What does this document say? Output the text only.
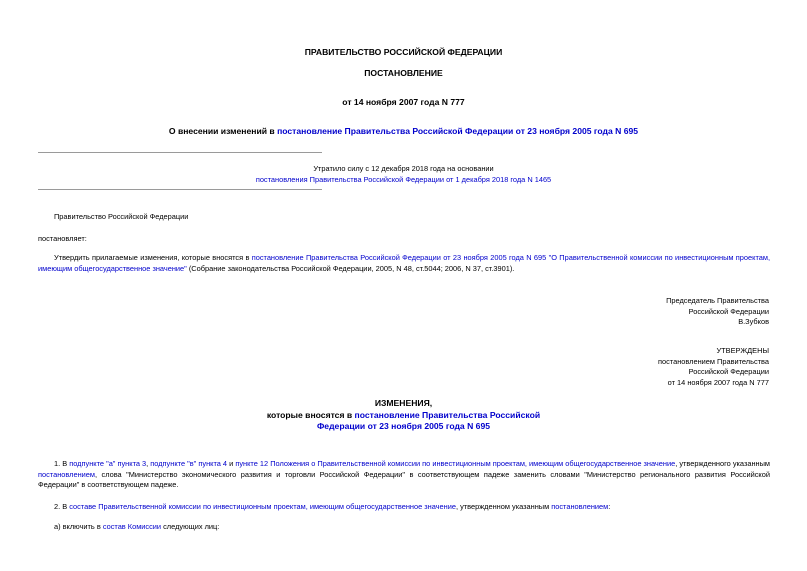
ПРАВИТЕЛЬСТВО РОССИЙСКОЙ ФЕДЕРАЦИИ
ПОСТАНОВЛЕНИЕ
от 14 ноября 2007 года N 777
О внесении изменений в постановление Правительства Российской Федерации от 23 ноября 2005 года N 695
Утратило силу с 12 декабря 2018 года на основании
постановления Правительства Российской Федерации от 1 декабря 2018 года N 1465
Правительство Российской Федерации
постановляет:
Утвердить прилагаемые изменения, которые вносятся в постановление Правительства Российской Федерации от 23 ноября 2005 года N 695 "О Правительственной комиссии по инвестиционным проектам, имеющим общегосударственное значение" (Собрание законодательства Российской Федерации, 2005, N 48, ст.5044; 2006, N 37, ст.3901).
Председатель Правительства
Российской Федерации
В.Зубков
УТВЕРЖДЕНЫ
постановлением Правительства
Российской Федерации
от 14 ноября 2007 года N 777
ИЗМЕНЕНИЯ,
которые вносятся в постановление Правительства Российской
Федерации от 23 ноября 2005 года N 695
1. В подпункте "а" пункта 3, подпункте "в" пункта 4 и пункте 12 Положения о Правительственной комиссии по инвестиционным проектам, имеющим общегосударственное значение, утвержденного указанным постановлением, слова "Министерство экономического развития и торговли Российской Федерации" в соответствующем падеже заменить словами "Министерство регионального развития Российской Федерации" в соответствующем падеже.
2. В составе Правительственной комиссии по инвестиционным проектам, имеющим общегосударственное значение, утвержденном указанным постановлением:
а) включить в состав Комиссии следующих лиц:
